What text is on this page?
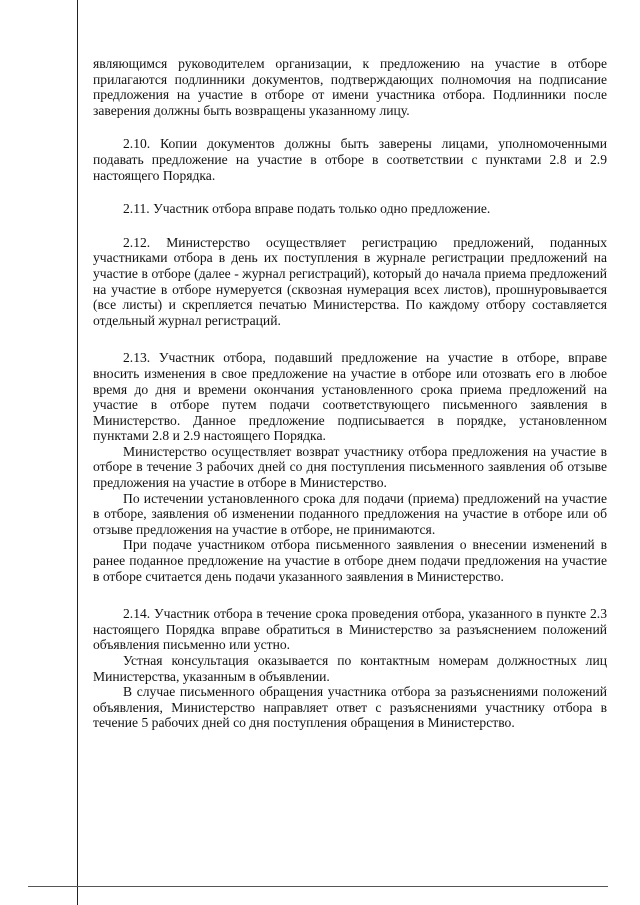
являющимся руководителем организации, к предложению на участие в отборе прилагаются подлинники документов, подтверждающих полномочия на подписание предложения на участие в отборе от имени участника отбора. Подлинники после заверения должны быть возвращены указанному лицу.

2.10. Копии документов должны быть заверены лицами, уполномоченными подавать предложение на участие в отборе в соответствии с пунктами 2.8 и 2.9 настоящего Порядка.

2.11. Участник отбора вправе подать только одно предложение.

2.12. Министерство осуществляет регистрацию предложений, поданных участниками отбора в день их поступления в журнале регистрации предложений на участие в отборе (далее - журнал регистраций), который до начала приема предложений на участие в отборе нумеруется (сквозная нумерация всех листов), прошнуровывается (все листы) и скрепляется печатью Министерства. По каждому отбору составляется отдельный журнал регистраций.

2.13. Участник отбора, подавший предложение на участие в отборе, вправе вносить изменения в свое предложение на участие в отборе или отозвать его в любое время до дня и времени окончания установленного срока приема предложений на участие в отборе путем подачи соответствующего письменного заявления в Министерство. Данное предложение подписывается в порядке, установленном пунктами 2.8 и 2.9 настоящего Порядка.

Министерство осуществляет возврат участнику отбора предложения на участие в отборе в течение 3 рабочих дней со дня поступления письменного заявления об отзыве предложения на участие в отборе в Министерство.

По истечении установленного срока для подачи (приема) предложений на участие в отборе, заявления об изменении поданного предложения на участие в отборе или об отзыве предложения на участие в отборе, не принимаются.

При подаче участником отбора письменного заявления о внесении изменений в ранее поданное предложение на участие в отборе днем подачи предложения на участие в отборе считается день подачи указанного заявления в Министерство.

2.14. Участник отбора в течение срока проведения отбора, указанного в пункте 2.3 настоящего Порядка вправе обратиться в Министерство за разъяснением положений объявления письменно или устно.

Устная консультация оказывается по контактным номерам должностных лиц Министерства, указанным в объявлении.

В случае письменного обращения участника отбора за разъяснениями положений объявления, Министерство направляет ответ с разъяснениями участнику отбора в течение 5 рабочих дней со дня поступления обращения в Министерство.
